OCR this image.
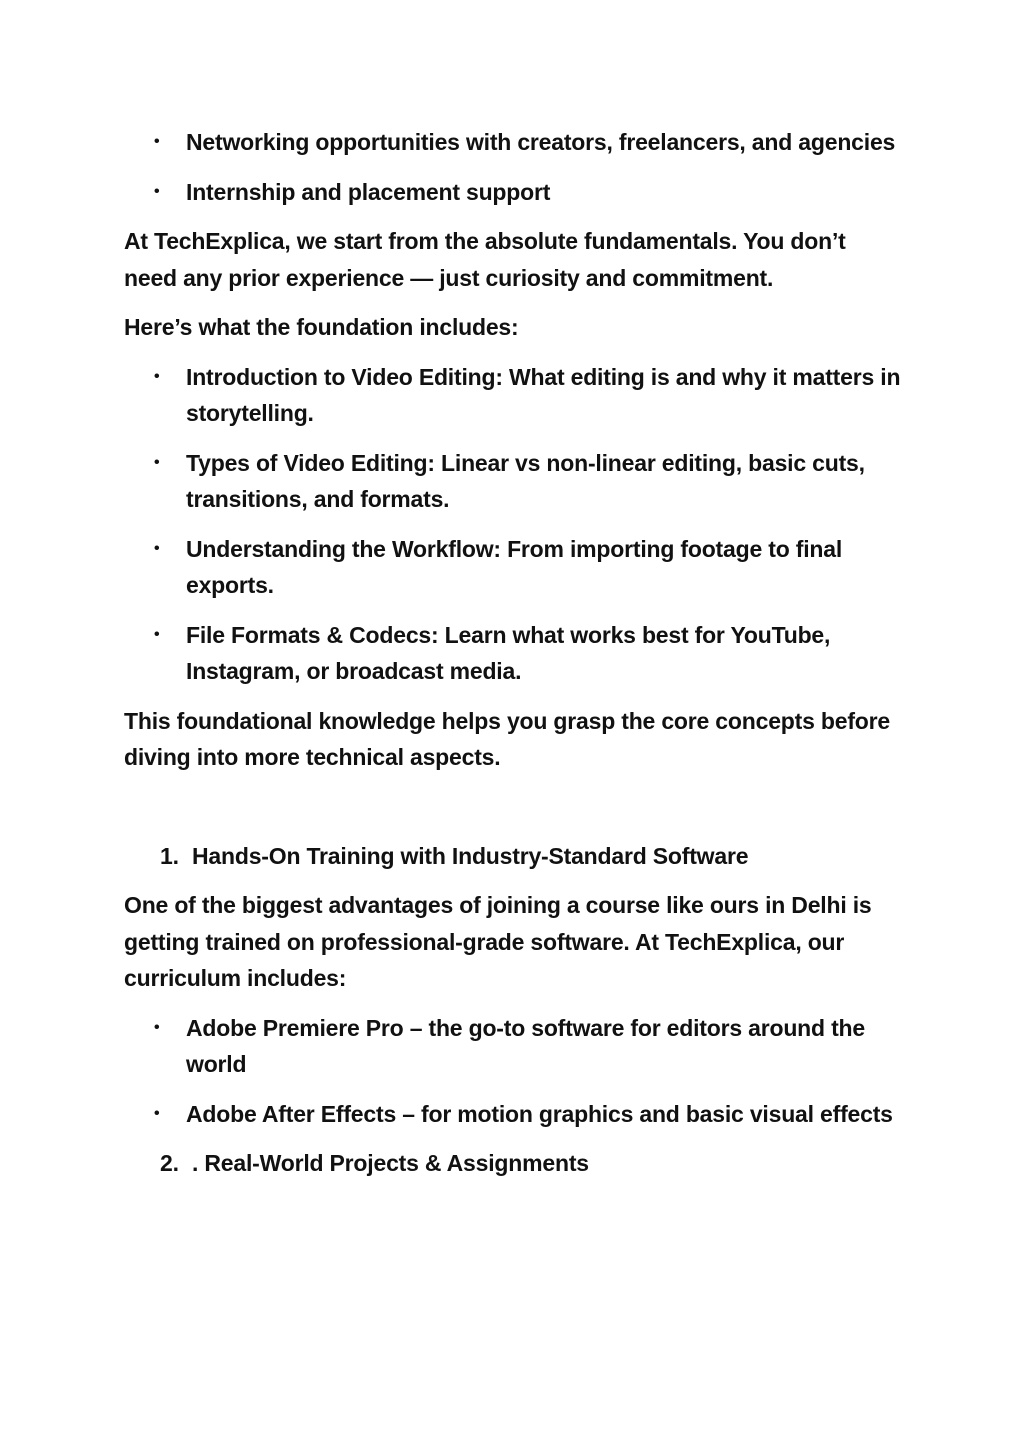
• Networking opportunities with creators, freelancers, and agencies
• Internship and placement support

At TechExplica, we start from the absolute fundamentals. You don’t need any prior experience — just curiosity and commitment.

Here’s what the foundation includes:

• Introduction to Video Editing: What editing is and why it matters in storytelling.
• Types of Video Editing: Linear vs non-linear editing, basic cuts, transitions, and formats.
• Understanding the Workflow: From importing footage to final exports.
• File Formats & Codecs: Learn what works best for YouTube, Instagram, or broadcast media.

This foundational knowledge helps you grasp the core concepts before diving into more technical aspects.

1. Hands-On Training with Industry-Standard Software

One of the biggest advantages of joining a course like ours in Delhi is getting trained on professional-grade software. At TechExplica, our curriculum includes:

• Adobe Premiere Pro – the go-to software for editors around the world
• Adobe After Effects – for motion graphics and basic visual effects
2. . Real-World Projects & Assignments
